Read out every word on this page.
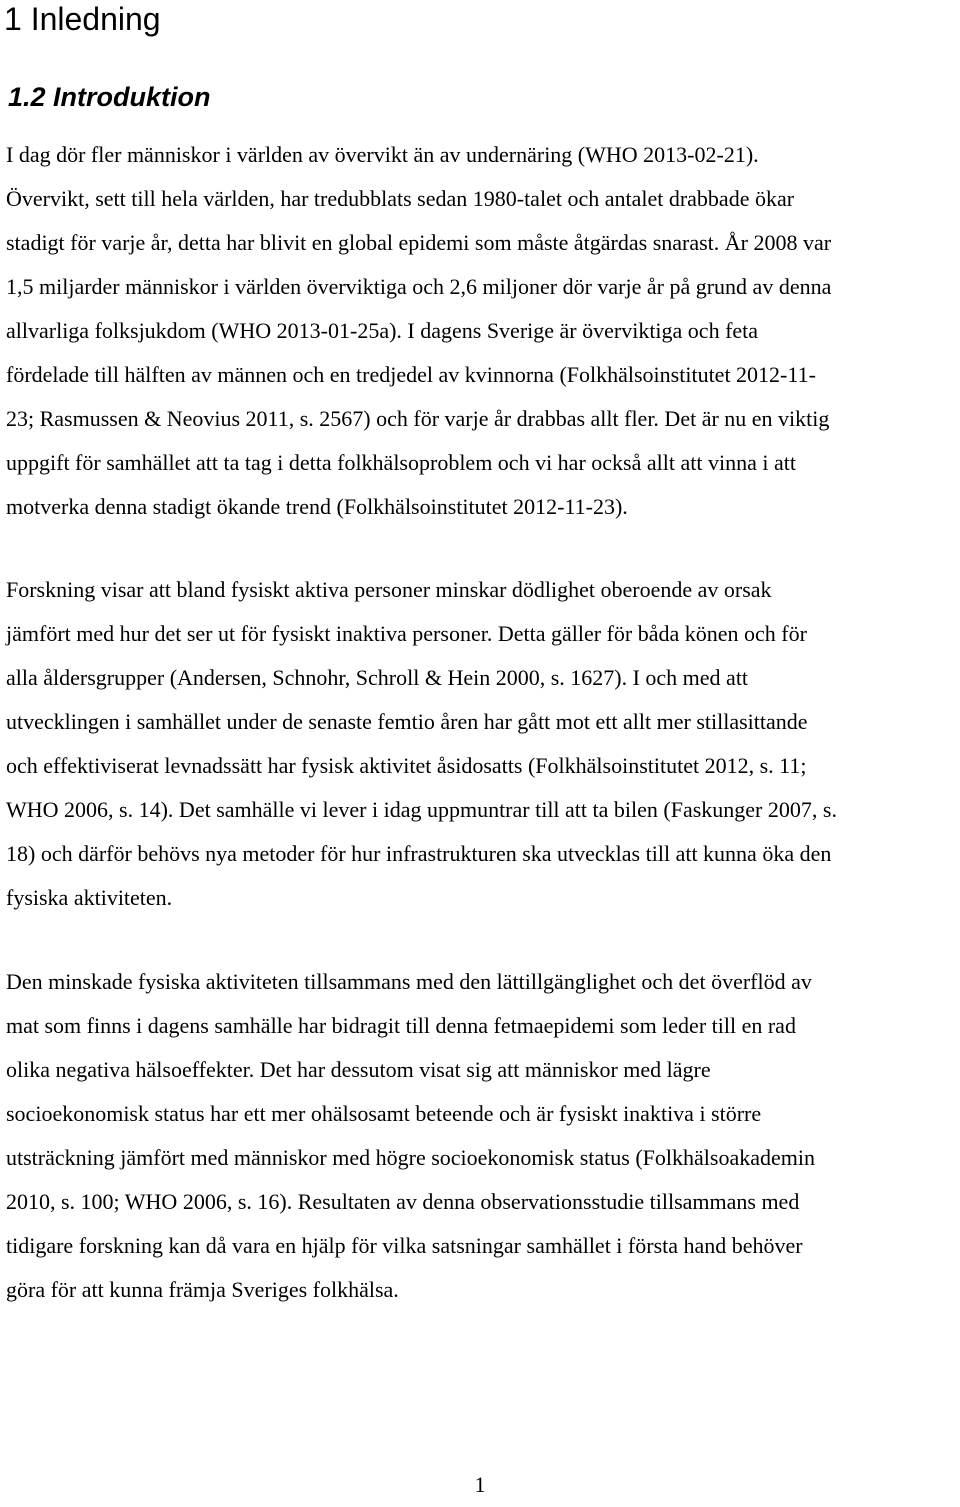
1 Inledning
1.2 Introduktion
I dag dör fler människor i världen av övervikt än av undernäring (WHO 2013-02-21).
Övervikt, sett till hela världen, har tredubblats sedan 1980-talet och antalet drabbade ökar
stadigt för varje år, detta har blivit en global epidemi som måste åtgärdas snarast. År 2008 var
1,5 miljarder människor i världen överviktiga och 2,6 miljoner dör varje år på grund av denna
allvarliga folksjukdom (WHO 2013-01-25a). I dagens Sverige är överviktiga och feta
fördelade till hälften av männen och en tredjedel av kvinnorna (Folkhälsoinstitutet 2012-11-
23; Rasmussen & Neovius 2011, s. 2567) och för varje år drabbas allt fler. Det är nu en viktig
uppgift för samhället att ta tag i detta folkhälsoproblem och vi har också allt att vinna i att
motverka denna stadigt ökande trend (Folkhälsoinstitutet 2012-11-23).
Forskning visar att bland fysiskt aktiva personer minskar dödlighet oberoende av orsak
jämfört med hur det ser ut för fysiskt inaktiva personer. Detta gäller för båda könen och för
alla åldersgrupper (Andersen, Schnohr, Schroll & Hein 2000, s. 1627). I och med att
utvecklingen i samhället under de senaste femtio åren har gått mot ett allt mer stillasittande
och effektiviserat levnadssätt har fysisk aktivitet åsidosatts (Folkhälsoinstitutet 2012, s. 11;
WHO 2006, s. 14). Det samhälle vi lever i idag uppmuntrar till att ta bilen (Faskunger 2007, s.
18) och därför behövs nya metoder för hur infrastrukturen ska utvecklas till att kunna öka den
fysiska aktiviteten.
Den minskade fysiska aktiviteten tillsammans med den lättillgänglighet och det överflöd av
mat som finns i dagens samhälle har bidragit till denna fetmaepidemi som leder till en rad
olika negativa hälsoeffekter. Det har dessutom visat sig att människor med lägre
socioekonomisk status har ett mer ohälsosamt beteende och är fysiskt inaktiva i större
utsträckning jämfört med människor med högre socioekonomisk status (Folkhälsoakademin
2010, s. 100; WHO 2006, s. 16). Resultaten av denna observationsstudie tillsammans med
tidigare forskning kan då vara en hjälp för vilka satsningar samhället i första hand behöver
göra för att kunna främja Sveriges folkhälsa.
1
